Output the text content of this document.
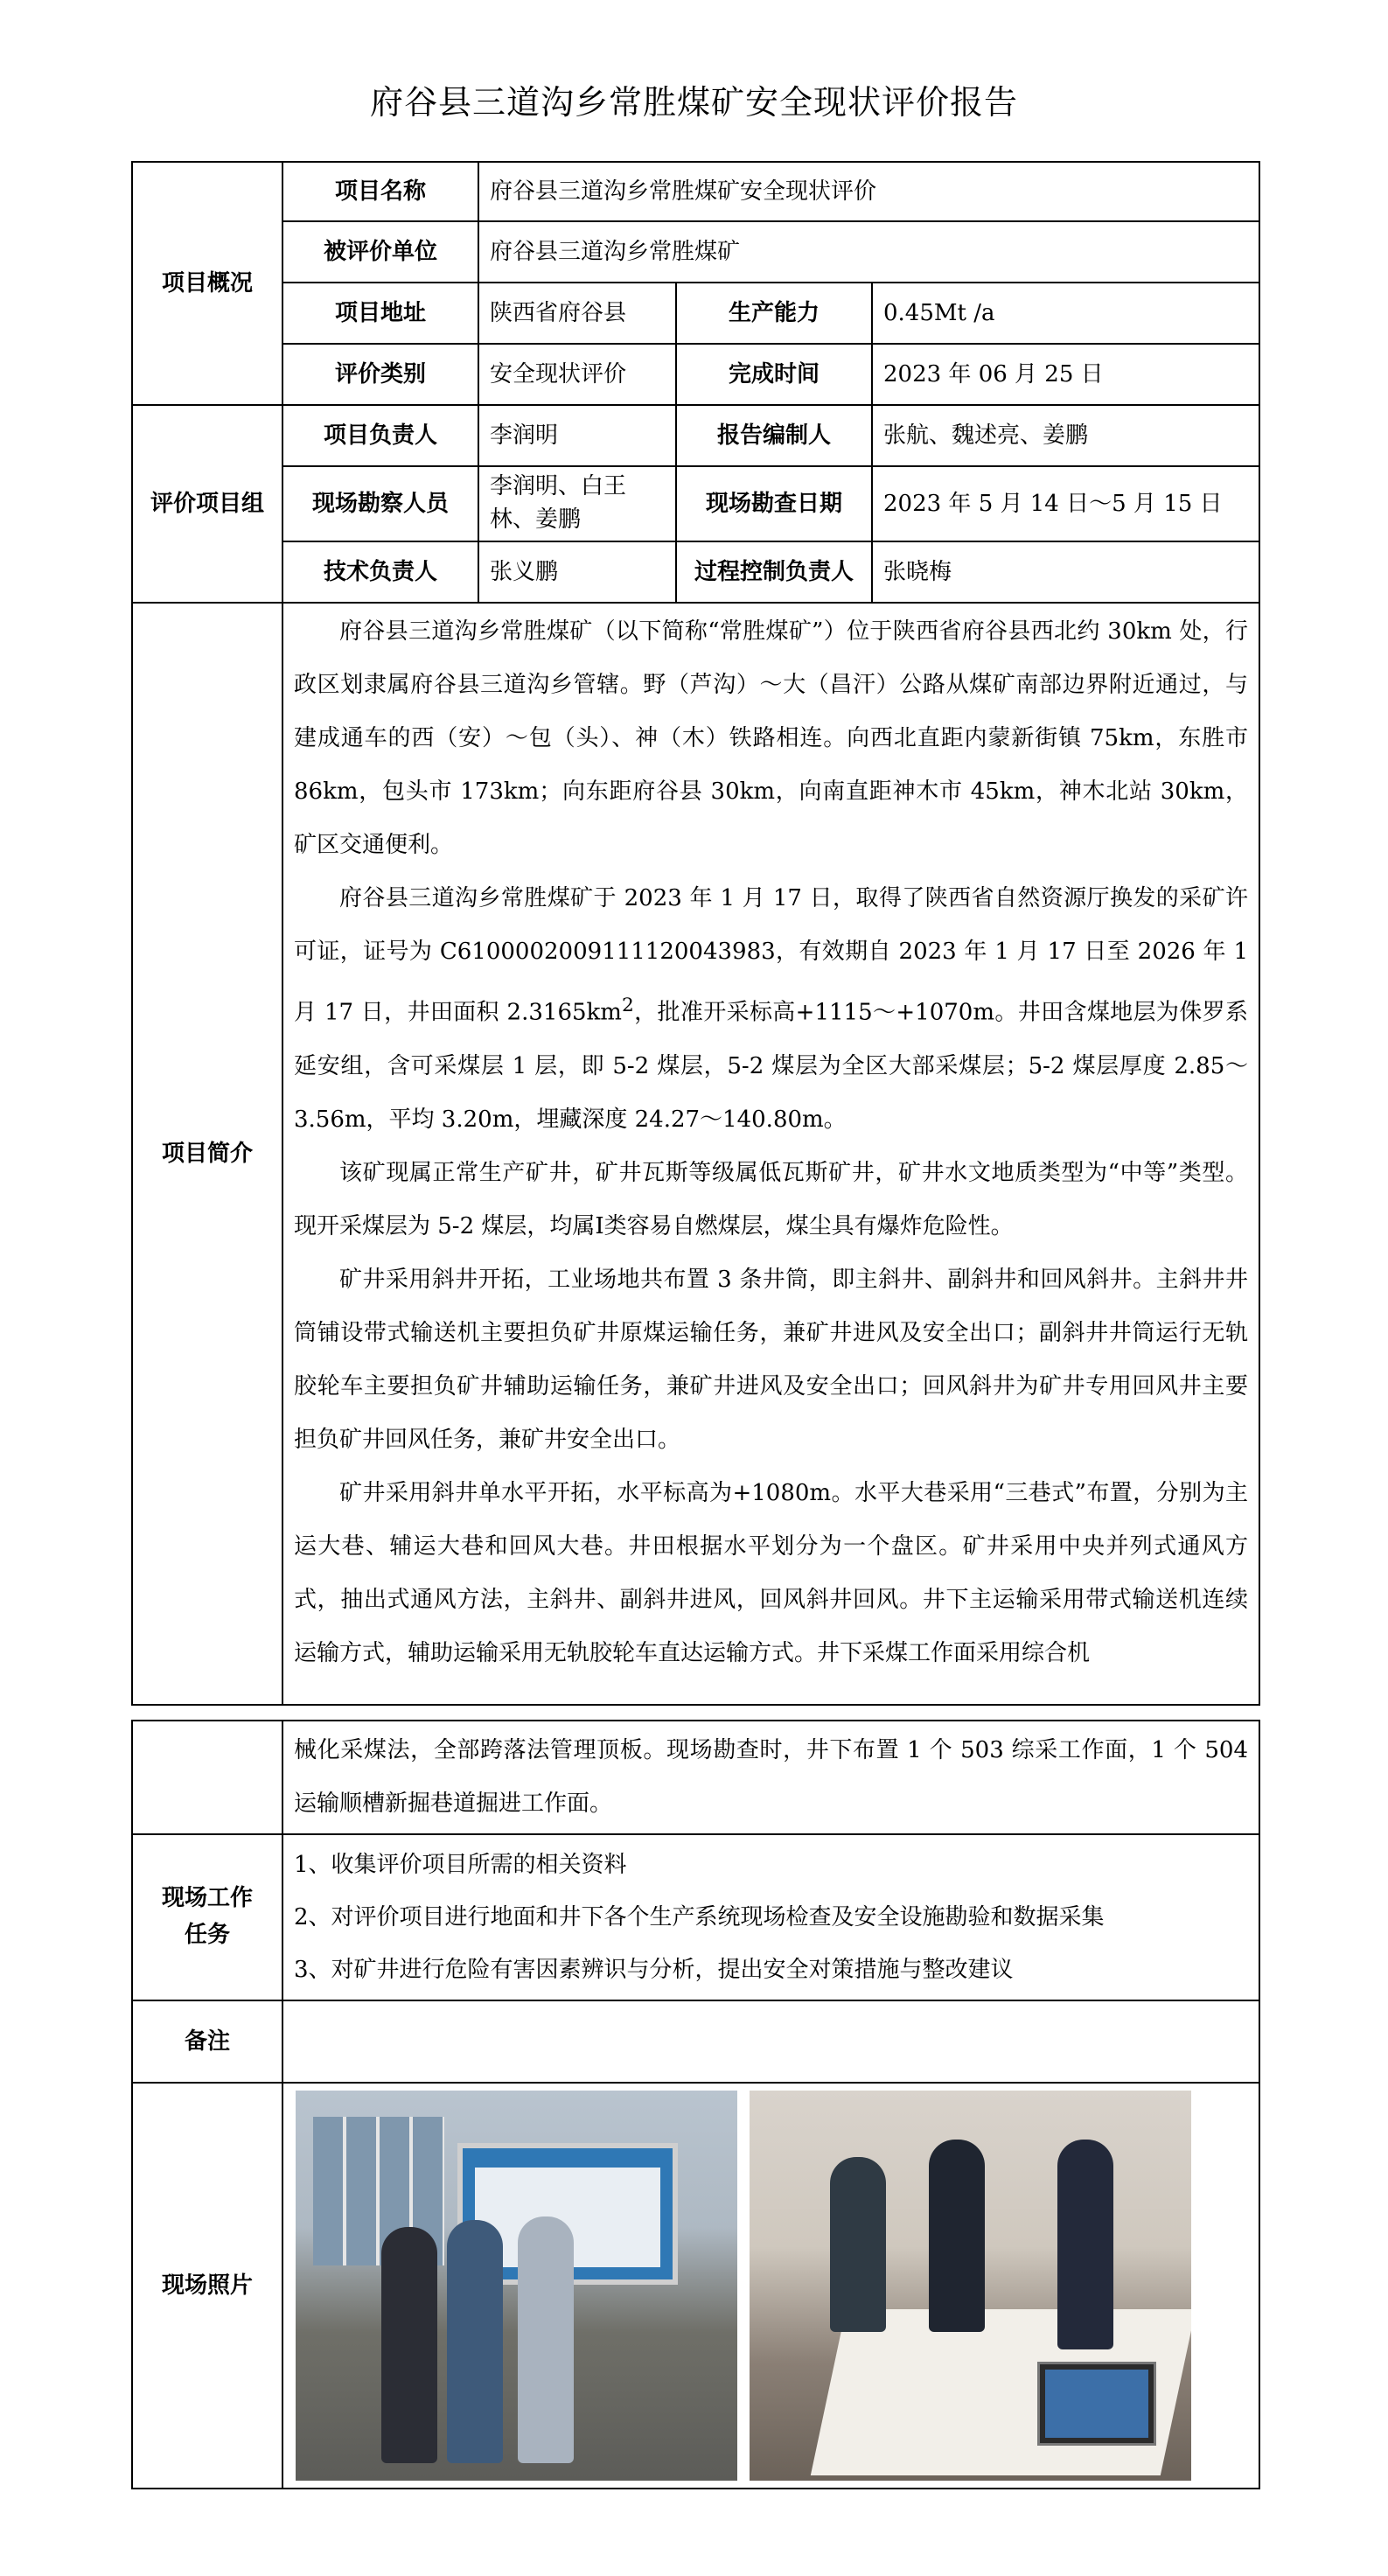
府谷县三道沟乡常胜煤矿安全现状评价报告
项目概况	项目名称	府谷县三道沟乡常胜煤矿安全现状评价		
	被评价单位	府谷县三道沟乡常胜煤矿		
	项目地址	陕西省府谷县	生产能力	0.45Mt /a
	评价类别	安全现状评价	完成时间	2023 年 06 月 25 日
评价项目组	项目负责人	李润明	报告编制人	张航、魏述亮、姜鹏
	现场勘察人员	李润明、白王林、姜鹏	现场勘查日期	2023 年 5 月 14 日～5 月 15 日
	技术负责人	张义鹏	过程控制负责人	张晓梅
项目简介	府谷县三道沟乡常胜煤矿（以下简称“常胜煤矿”）位于陕西省府谷县西北约 30km 处，行政区划隶属府谷县三道沟乡管辖。野（芦沟）～大（昌汗）公路从煤矿南部边界附近通过，与建成通车的西（安）～包（头）、神（木）铁路相连。向西北直距内蒙新街镇 75km，东胜市 86km，包头市 173km；向东距府谷县 30km，向南直距神木市 45km，神木北站 30km，矿区交通便利。

府谷县三道沟乡常胜煤矿于 2023 年 1 月 17 日，取得了陕西省自然资源厅换发的采矿许可证，证号为 C6100002009111120043983，有效期自 2023 年 1 月 17 日至 2026 年 1 月 17 日，井田面积 $2.3165km^2$，批准开采标高+1115～+1070m。井田含煤地层为侏罗系延安组，含可采煤层 1 层，即 5-2 煤层，5-2 煤层为全区大部采煤层；5-2 煤层厚度 2.85～3.56m，平均 3.20m，埋藏深度 24.27～140.80m。

该矿现属正常生产矿井，矿井瓦斯等级属低瓦斯矿井，矿井水文地质类型为“中等”类型。现开采煤层为 5-2 煤层，均属Ⅰ类容易自燃煤层，煤尘具有爆炸危险性。

矿井采用斜井开拓，工业场地共布置 3 条井筒，即主斜井、副斜井和回风斜井。主斜井井筒铺设带式输送机主要担负矿井原煤运输任务，兼矿井进风及安全出口；副斜井井筒运行无轨胶轮车主要担负矿井辅助运输任务，兼矿井进风及安全出口；回风斜井为矿井专用回风井主要担负矿井回风任务，兼矿井安全出口。

矿井采用斜井单水平开拓，水平标高为+1080m。水平大巷采用“三巷式”布置，分别为主运大巷、辅运大巷和回风大巷。井田根据水平划分为一个盘区。矿井采用中央并列式通风方式，抽出式通风方法，主斜井、副斜井进风，回风斜井回风。井下主运输采用带式输送机连续运输方式，辅助运输采用无轨胶轮车直达运输方式。井下采煤工作面采用综合机			

	械化采煤法，全部跨落法管理顶板。现场勘查时，井下布置 1 个 503 综采工作面，1 个 504 运输顺槽新掘巷道掘进工作面。

现场工作任务	1、收集评价项目所需的相关资料

2、对评价项目进行地面和井下各个生产系统现场检查及安全设施勘验和数据采集

3、对矿井进行危险有害因素辨识与分析，提出安全对策措施与整改建议

备注	
现场照片	
